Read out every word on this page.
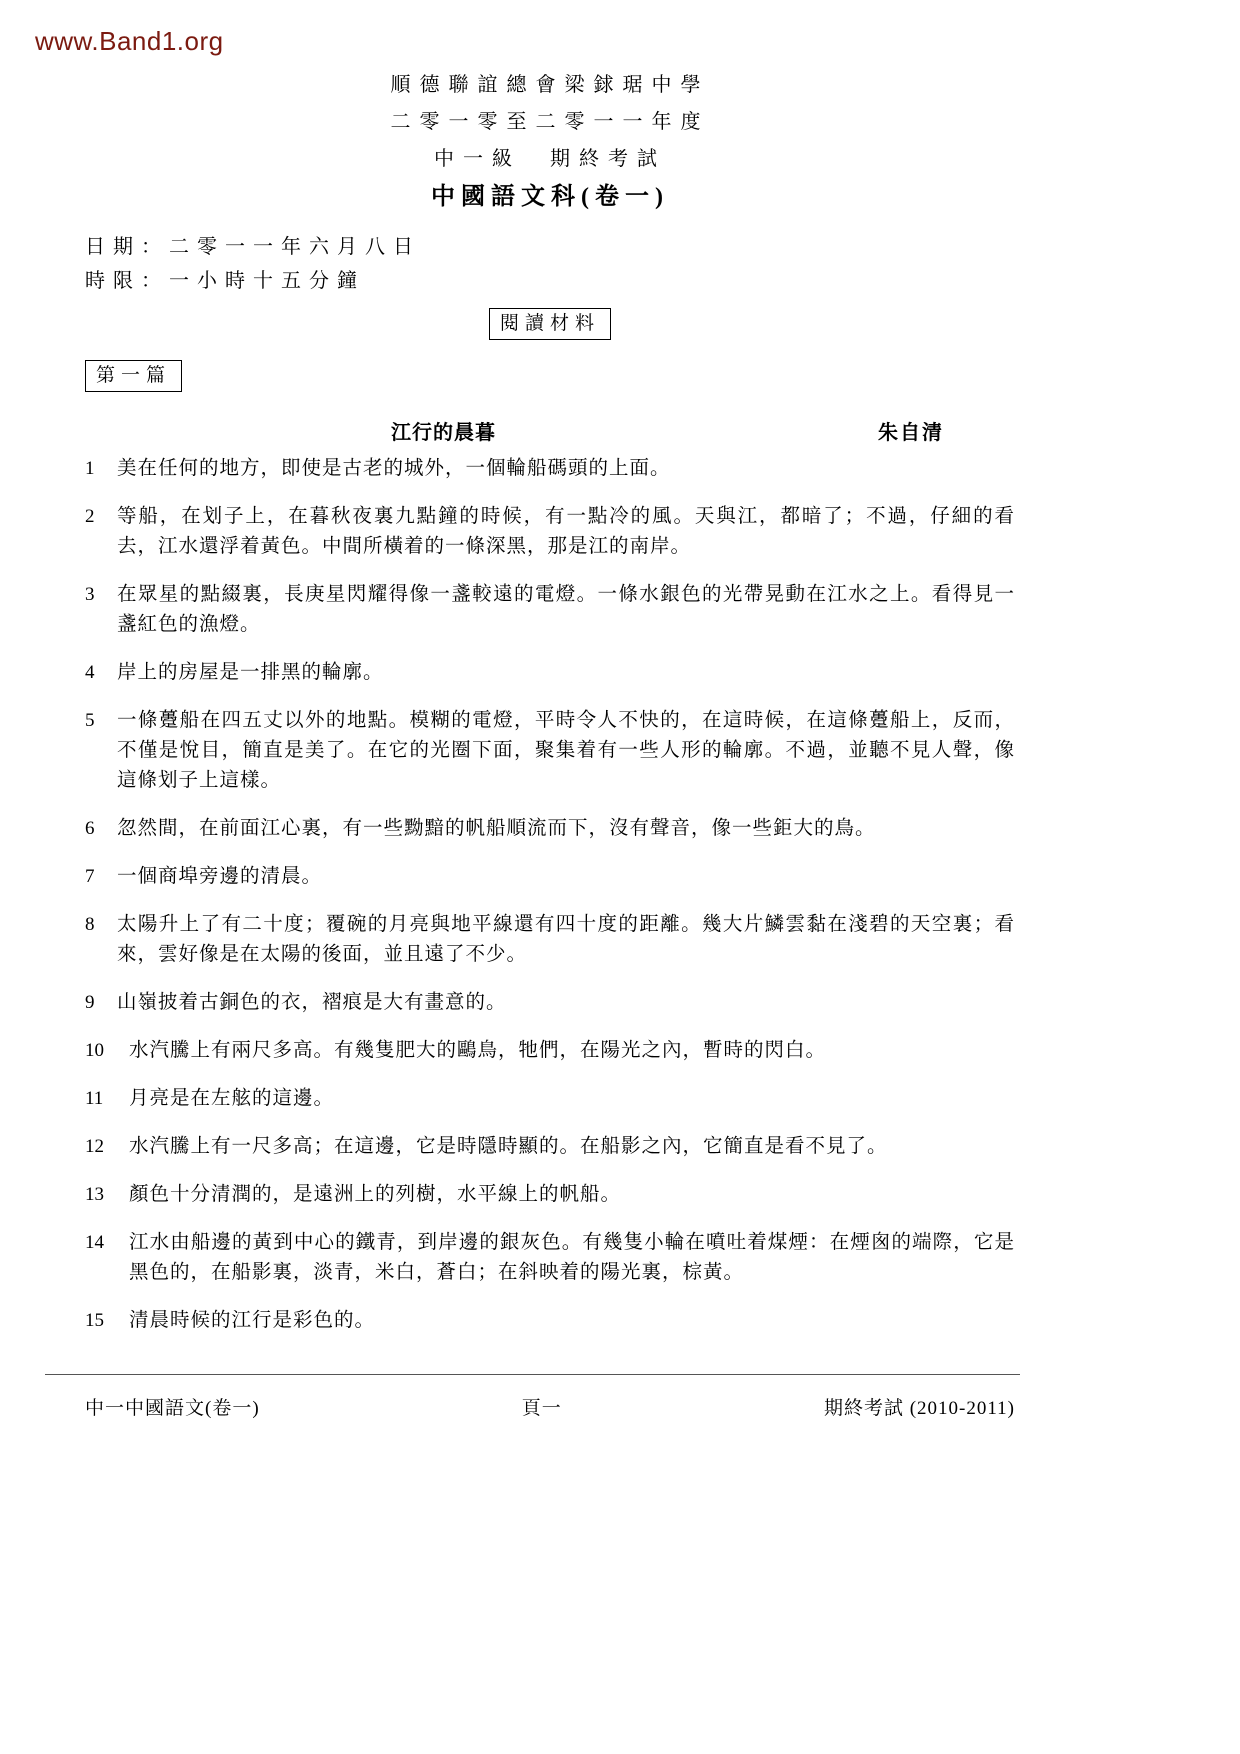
www.Band1.org
順德聯誼總會梁銶琚中學
二零一零至二零一一年度
中一級　期終考試
中國語文科(卷一)
日期：二零一一年六月八日
時限：一小時十五分鐘
閱讀材料
第一篇
江行的晨暮	朱自清
1	美在任何的地方，即使是古老的城外，一個輪船碼頭的上面。
2	等船，在划子上，在暮秋夜裏九點鐘的時候，有一點冷的風。天與江，都暗了；不過，仔細的看去，江水還浮着黃色。中間所橫着的一條深黑，那是江的南岸。
3	在眾星的點綴裏，長庚星閃耀得像一盞較遠的電燈。一條水銀色的光帶晃動在江水之上。看得見一盞紅色的漁燈。
4	岸上的房屋是一排黑的輪廓。
5	一條躉船在四五丈以外的地點。模糊的電燈，平時令人不快的，在這時候，在這條躉船上，反而，不僅是悅目，簡直是美了。在它的光圈下面，聚集着有一些人形的輪廓。不過，並聽不見人聲，像這條划子上這樣。
6	忽然間，在前面江心裏，有一些黝黯的帆船順流而下，沒有聲音，像一些鉅大的鳥。
7	一個商埠旁邊的清晨。
8	太陽升上了有二十度；覆碗的月亮與地平線還有四十度的距離。幾大片鱗雲黏在淺碧的天空裏；看來，雲好像是在太陽的後面，並且遠了不少。
9	山嶺披着古銅色的衣，褶痕是大有畫意的。
10	水汽騰上有兩尺多高。有幾隻肥大的鷗鳥，牠們，在陽光之內，暫時的閃白。
11	月亮是在左舷的這邊。
12	水汽騰上有一尺多高；在這邊，它是時隱時顯的。在船影之內，它簡直是看不見了。
13	顏色十分清潤的，是遠洲上的列樹，水平線上的帆船。
14	江水由船邊的黃到中心的鐵青，到岸邊的銀灰色。有幾隻小輪在噴吐着煤煙：在煙囪的端際，它是黑色的，在船影裏，淡青，米白，蒼白；在斜映着的陽光裏，棕黃。
15	清晨時候的江行是彩色的。
中一中國語文(卷一)	頁一	期終考試 (2010-2011)
